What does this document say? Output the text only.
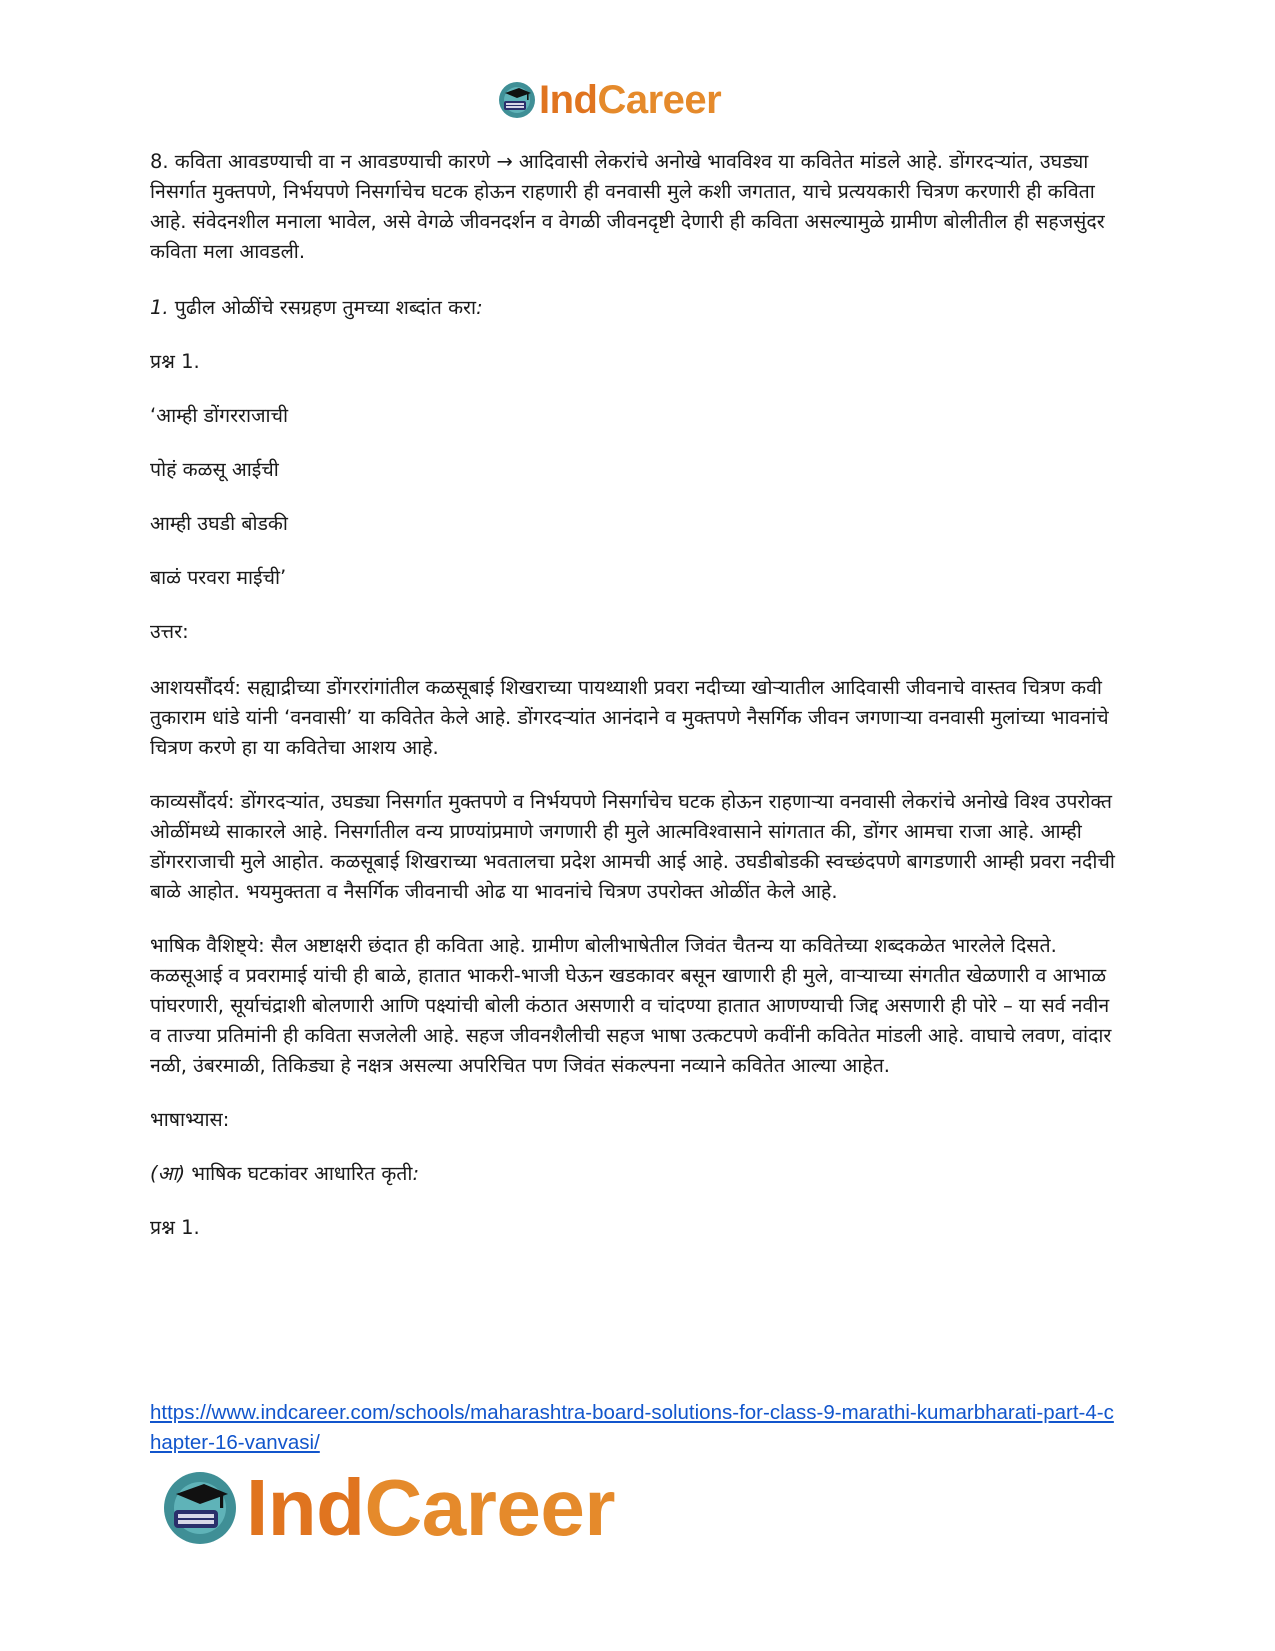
IndCareer

8. कविता आवडण्याची वा न आवडण्याची कारणे → आदिवासी लेकरांचे अनोखे भावविश्व या कवितेत मांडले आहे. डोंगरदऱ्यांत, उघड्या निसर्गात मुक्तपणे, निर्भयपणे निसर्गाचेच घटक होऊन राहणारी ही वनवासी मुले कशी जगतात, याचे प्रत्ययकारी चित्रण करणारी ही कविता आहे. संवेदनशील मनाला भावेल, असे वेगळे जीवनदर्शन व वेगळी जीवनदृष्टी देणारी ही कविता असल्यामुळे ग्रामीण बोलीतील ही सहजसुंदर कविता मला आवडली.

1. पुढील ओळींचे रसग्रहण तुमच्या शब्दांत करा:

प्रश्न 1.

‘आम्ही डोंगरराजाची

पोहं कळसू आईची

आम्ही उघडी बोडकी

बाळं परवरा माईची’

उत्तर:

आशयसौंदर्य: सह्याद्रीच्या डोंगररांगांतील कळसूबाई शिखराच्या पायथ्याशी प्रवरा नदीच्या खोऱ्यातील आदिवासी जीवनाचे वास्तव चित्रण कवी तुकाराम धांडे यांनी ‘वनवासी’ या कवितेत केले आहे. डोंगरदऱ्यांत आनंदाने व मुक्तपणे नैसर्गिक जीवन जगणाऱ्या वनवासी मुलांच्या भावनांचे चित्रण करणे हा या कवितेचा आशय आहे.

काव्यसौंदर्य: डोंगरदऱ्यांत, उघड्या निसर्गात मुक्तपणे व निर्भयपणे निसर्गाचेच घटक होऊन राहणाऱ्या वनवासी लेकरांचे अनोखे विश्व उपरोक्त ओळींमध्ये साकारले आहे. निसर्गातील वन्य प्राण्यांप्रमाणे जगणारी ही मुले आत्मविश्वासाने सांगतात की, डोंगर आमचा राजा आहे. आम्ही डोंगरराजाची मुले आहोत. कळसूबाई शिखराच्या भवतालचा प्रदेश आमची आई आहे. उघडीबोडकी स्वच्छंदपणे बागडणारी आम्ही प्रवरा नदीची बाळे आहोत. भयमुक्तता व नैसर्गिक जीवनाची ओढ या भावनांचे चित्रण उपरोक्त ओळींत केले आहे.

भाषिक वैशिष्ट्ये: सैल अष्टाक्षरी छंदात ही कविता आहे. ग्रामीण बोलीभाषेतील जिवंत चैतन्य या कवितेच्या शब्दकळेत भारलेले दिसते. कळसूआई व प्रवरामाई यांची ही बाळे, हातात भाकरी-भाजी घेऊन खडकावर बसून खाणारी ही मुले, वाऱ्याच्या संगतीत खेळणारी व आभाळ पांघरणारी, सूर्याचंद्राशी बोलणारी आणि पक्ष्यांची बोली कंठात असणारी व चांदण्या हातात आणण्याची जिद्द असणारी ही पोरे – या सर्व नवीन व ताज्या प्रतिमांनी ही कविता सजलेली आहे. सहज जीवनशैलीची सहज भाषा उत्कटपणे कवींनी कवितेत मांडली आहे. वाघाचे लवण, वांदार नळी, उंबरमाळी, तिकिड्या हे नक्षत्र असल्या अपरिचित पण जिवंत संकल्पना नव्याने कवितेत आल्या आहेत.

भाषाभ्यास:

(आ) भाषिक घटकांवर आधारित कृती:

प्रश्न 1.

https://www.indcareer.com/schools/maharashtra-board-solutions-for-class-9-marathi-kumarbharati-part-4-chapter-16-vanvasi/
IndCareer
